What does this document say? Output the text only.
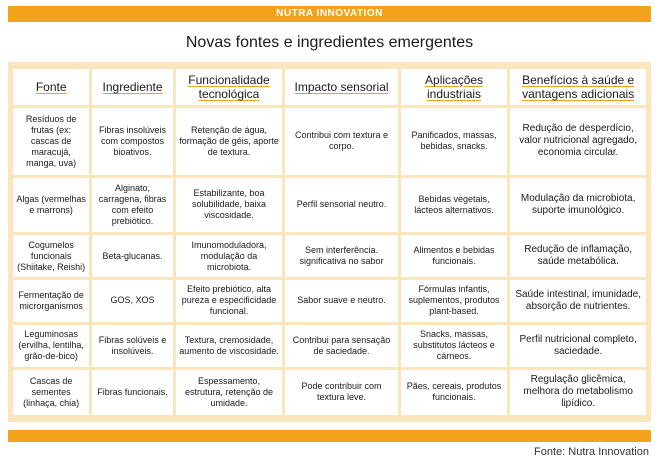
NUTRA INNOVATION
Novas fontes e ingredientes emergentes
Fonte	Ingrediente	Funcionalidade tecnológica	Impacto sensorial	Aplicações industriais	Benefícios à saúde e vantagens adicionais
Resíduos de frutas (ex: cascas de maracujá, manga, uva)	Fibras insolúveis com compostos bioativos.	Retenção de água, formação de géis, aporte de textura.	Contribui com textura e corpo.	Panificados, massas, bebidas, snacks.	Redução de desperdício, valor nutricional agregado, economia circular.
Algas (vermelhas e marrons)	Alginato, carragena, fibras com efeito prebiótico.	Estabilizante, boa solubilidade, baixa viscosidade.	Perfil sensorial neutro.	Bebidas vegetais, lácteos alternativos.	Modulação da microbiota, suporte imunológico.
Cogumelos funcionais (Shiitake, Reishi)	Beta-glucanas.	Imunomoduladora, modulação da microbiota.	Sem interferência. significativa no sabor	Alimentos e bebidas funcionais.	Redução de inflamação, saúde metabólica.
Fermentação de microrganismos	GOS, XOS	Efeito prebiótico, alta pureza e especificidade funcional.	Sabor suave e neutro.	Fórmulas infantis, suplementos, produtos plant-based.	Saúde intestinal, imunidade, absorção de nutrientes.
Leguminosas (ervilha, lentilha, grão-de-bico)	Fibras solúveis e insolúveis.	Textura, cremosidade, aumento de viscosidade.	Contribui para sensação de saciedade.	Snacks, massas, substitutos lácteos e cárneos.	Perfil nutricional completo, saciedade.
Cascas de sementes (linhaça, chia)	Fibras funcionais.	Espessamento, estrutura, retenção de umidade.	Pode contribuir com textura leve.	Pães, cereais, produtos funcionais.	Regulação glicêmica, melhora do metabolismo lipídico.
Fonte: Nutra Innovation
